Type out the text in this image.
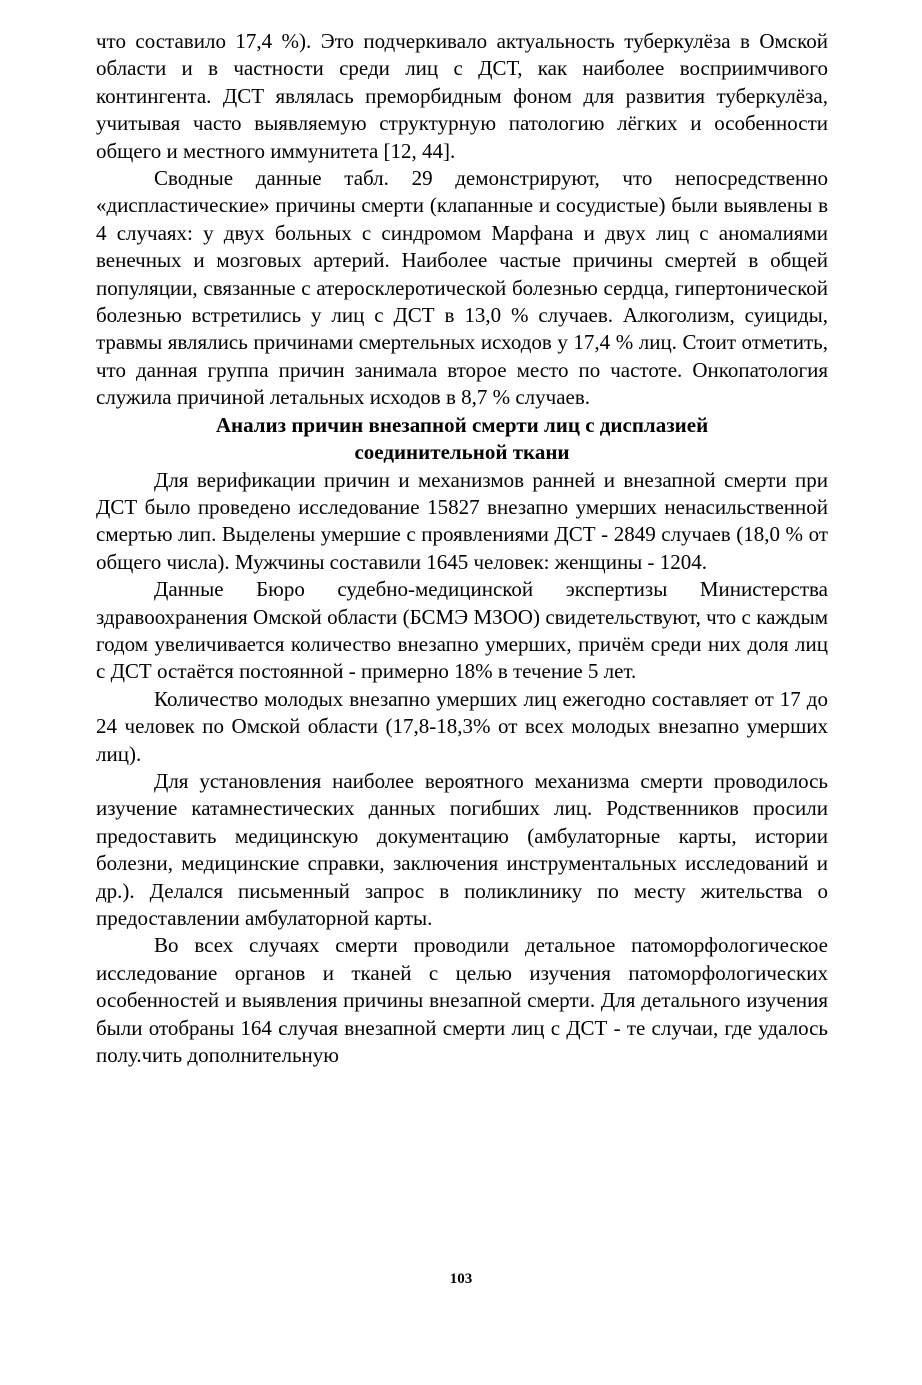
что составило 17,4 %). Это подчеркивало актуальность туберкулёза в Омской области и в частности среди лиц с ДСТ, как наиболее восприимчивого контингента. ДСТ являлась преморбидным фоном для развития туберкулёза, учитывая часто выявляемую структурную патологию лёгких и особенности общего и местного иммунитета [12, 44].

Сводные данные табл. 29 демонстрируют, что непосредственно «диспластические» причины смерти (клапанные и сосудистые) были выявлены в 4 случаях: у двух больных с синдромом Марфана и двух лиц с аномалиями венечных и мозговых артерий. Наиболее частые причины смертей в общей популяции, связанные с атеросклеротической болезнью сердца, гипертонической болезнью встретились у лиц с ДСТ в 13,0 % случаев. Алкоголизм, суициды, травмы являлись причинами смертельных исходов у 17,4 % лиц. Стоит отметить, что данная группа причин занимала второе место по частоте. Онкопатология служила причиной летальных исходов в 8,7 % случаев.

Анализ причин внезапной смерти лиц с дисплазией
соединительной ткани

Для верификации причин и механизмов ранней и внезапной смерти при ДСТ было проведено исследование 15827 внезапно умерших ненасильственной смертью лип. Выделены умершие с проявлениями ДСТ - 2849 случаев (18,0 % от общего числа). Мужчины составили 1645 человек: женщины - 1204.

Данные Бюро судебно-медицинской экспертизы Министерства здравоохранения Омской области (БСМЭ МЗОО) свидетельствуют, что с каждым годом увеличивается количество внезапно умерших, причём среди них доля лиц с ДСТ остаётся постоянной - примерно 18% в течение 5 лет.

Количество молодых внезапно умерших лиц ежегодно составляет от 17 до 24 человек по Омской области (17,8-18,3% от всех молодых внезапно умерших лиц).

Для установления наиболее вероятного механизма смерти проводилось изучение катамнестических данных погибших лиц. Родственников просили предоставить медицинскую документацию (амбулаторные карты, истории болезни, медицинские справки, заключения инструментальных исследований и др.). Делался письменный запрос в поликлинику по месту жительства о предоставлении амбулаторной карты.

Во всех случаях смерти проводили детальное патоморфологическое исследование органов и тканей с целью изучения патоморфологических особенностей и выявления причины внезапной смерти. Для детального изучения были отобраны 164 случая внезапной смерти лиц с ДСТ - те случаи, где удалось полу.чить дополнительную

103
